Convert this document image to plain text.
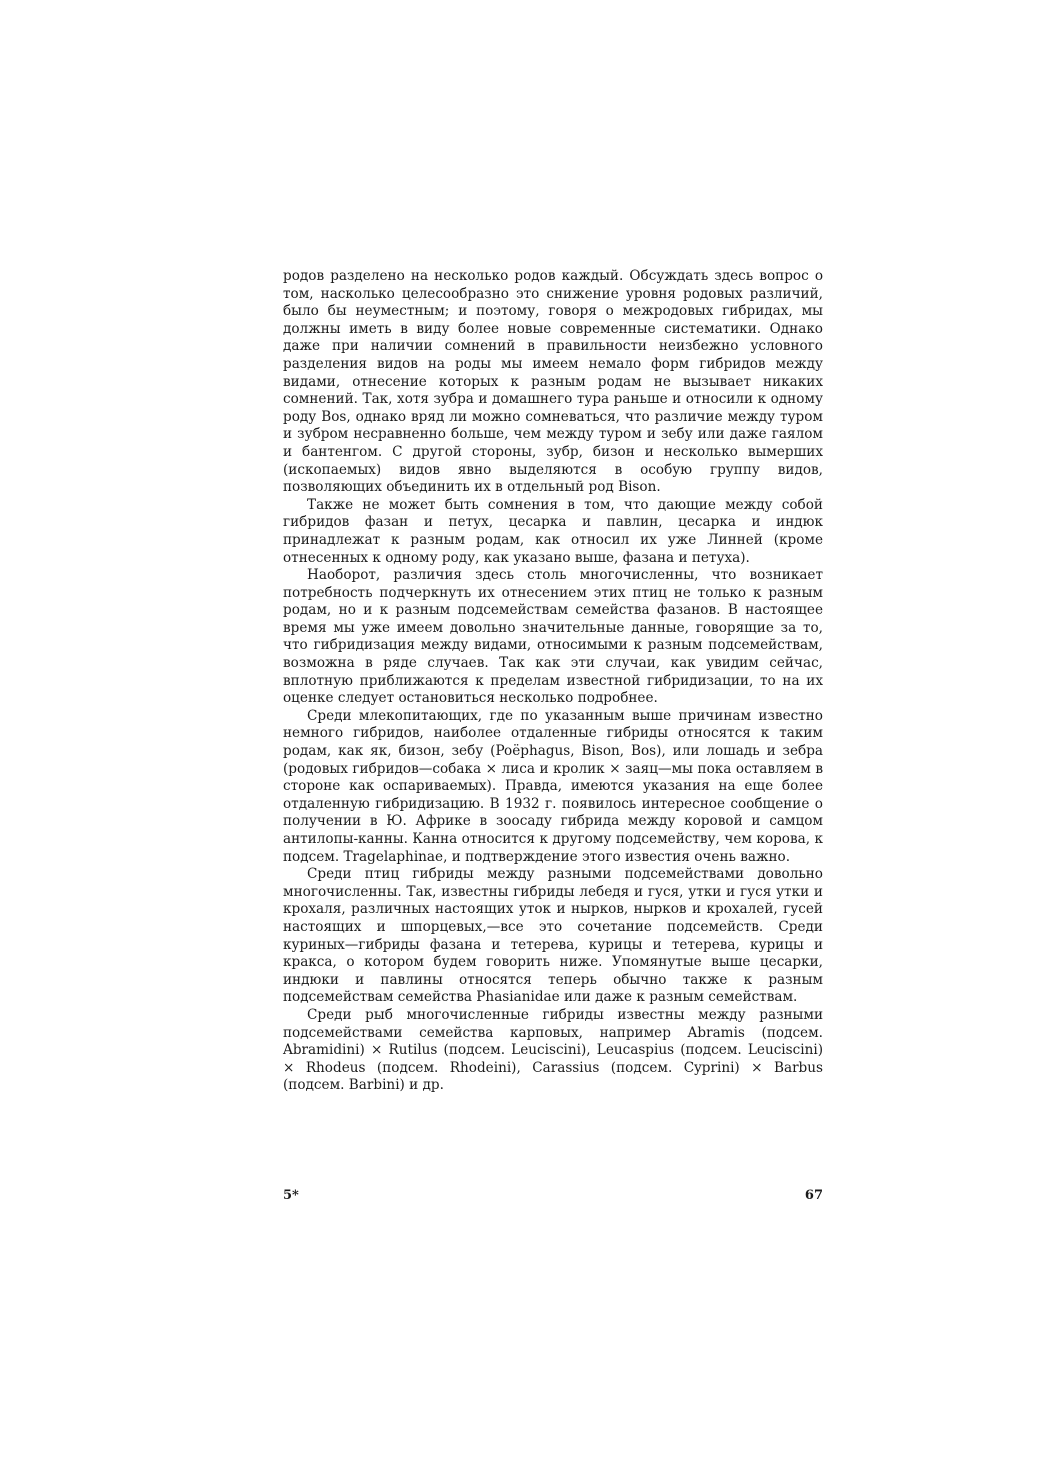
родов разделено на несколько родов каждый. Обсуждать здесь вопрос о том, насколько целесообразно это снижение уровня родовых различий, было бы неуместным; и поэтому, говоря о межродовых гибридах, мы должны иметь в виду более новые современные систематики. Однако даже при наличии сомнений в правильности неизбежно условного разделения видов на роды мы имеем немало форм гибридов между видами, отнесение которых к разным родам не вызывает никаких сомнений. Так, хотя зубра и домашнего тура раньше и относили к одному роду Bos, однако вряд ли можно сомневаться, что различие между туром и зубром несравненно больше, чем между туром и зебу или даже гаялом и бантенгом. С другой стороны, зубр, бизон и несколько вымерших (ископаемых) видов явно выделяются в особую группу видов, позволяющих объединить их в отдельный род Bison.

Также не может быть сомнения в том, что дающие между собой гибридов фазан и петух, цесарка и павлин, цесарка и индюк принадлежат к разным родам, как относил их уже Линней (кроме отнесенных к одному роду, как указано выше, фазана и петуха).

Наоборот, различия здесь столь многочисленны, что возникает потребность подчеркнуть их отнесением этих птиц не только к разным родам, но и к разным подсемействам семейства фазанов. В настоящее время мы уже имеем довольно значительные данные, говорящие за то, что гибридизация между видами, относимыми к разным подсемействам, возможна в ряде случаев. Так как эти случаи, как увидим сейчас, вплотную приближаются к пределам известной гибридизации, то на их оценке следует остановиться несколько подробнее.

Среди млекопитающих, где по указанным выше причинам известно немного гибридов, наиболее отдаленные гибриды относятся к таким родам, как як, бизон, зебу (Poëphagus, Bison, Bos), или лошадь и зебра (родовых гибридов—собака × лиса и кролик × заяц—мы пока оставляем в стороне как оспариваемых). Правда, имеются указания на еще более отдаленную гибридизацию. В 1932 г. появилось интересное сообщение о получении в Ю. Африке в зоосаду гибрида между коровой и самцом антилопы-канны. Канна относится к другому подсемейству, чем корова, к подсем. Tragelaphinae, и подтверждение этого известия очень важно.

Среди птиц гибриды между разными подсемействами довольно многочисленны. Так, известны гибриды лебедя и гуся, утки и гуся утки и крохаля, различных настоящих уток и нырков, нырков и крохалей, гусей настоящих и шпорцевых,—все это сочетание подсемейств. Среди куриных—гибриды фазана и тетерева, курицы и тетерева, курицы и кракса, о котором будем говорить ниже. Упомянутые выше цесарки, индюки и павлины относятся теперь обычно также к разным подсемействам семейства Phasianidae или даже к разным семействам.

Среди рыб многочисленные гибриды известны между разными подсемействами семейства карповых, например Abramis (подсем. Abramidini) × Rutilus (подсем. Leuciscini), Leucaspius (подсем. Leuciscini) × Rhodeus (подсем. Rhodeini), Carassius (подсем. Cyprini) × Barbus (подсем. Barbini) и др.

5*	67
